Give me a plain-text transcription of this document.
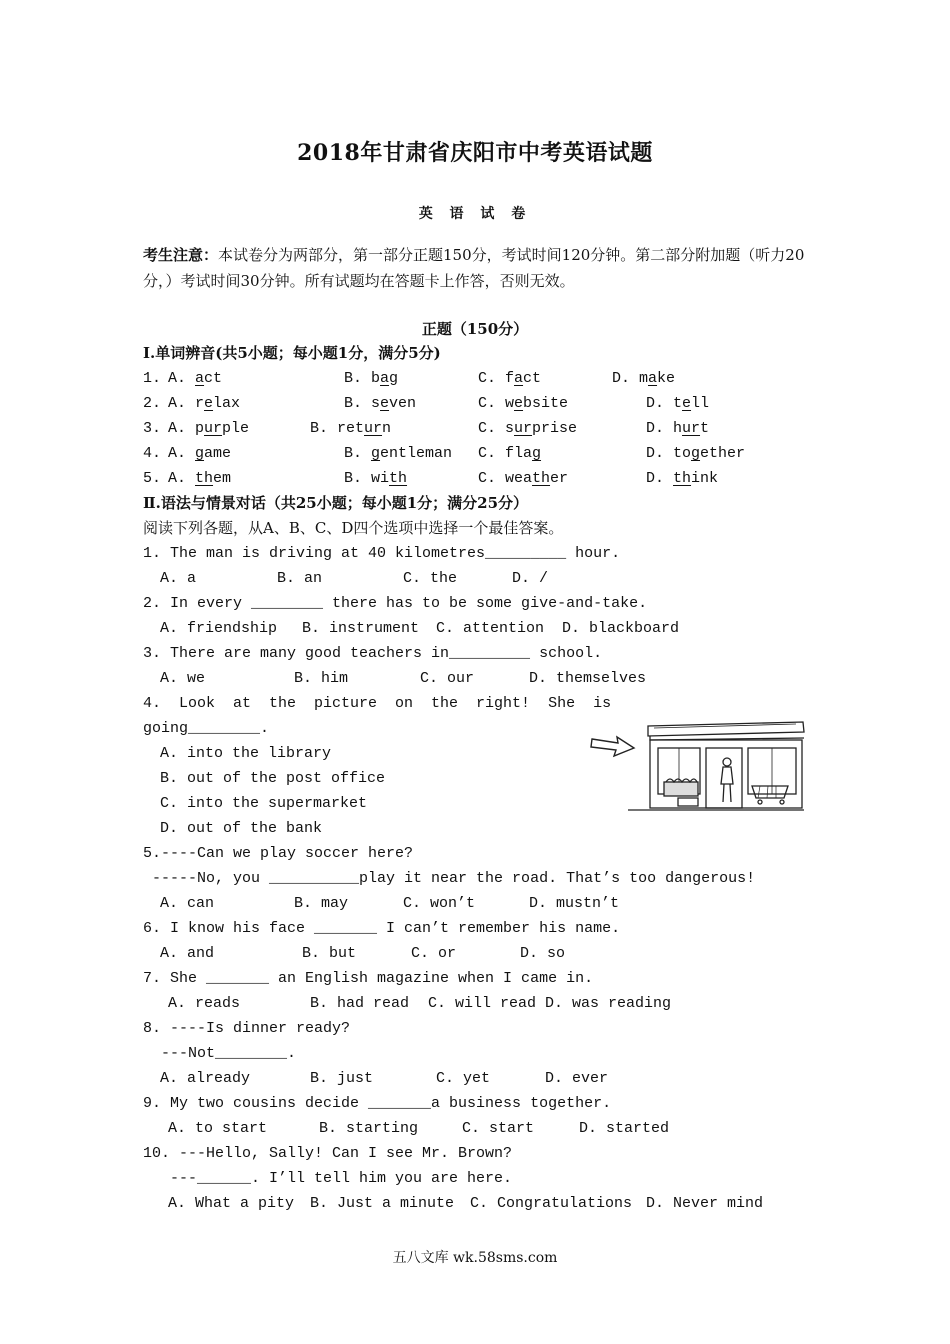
2018年甘肃省庆阳市中考英语试题
英 语 试 卷
考生注意：本试卷分为两部分，第一部分正题150分，考试时间120分钟。第二部分附加题（听力20分，）考试时间30分钟。所有试题均在答题卡上作答，否则无效。
正题（150分）
I.单词辨音(共5小题；每小题1分，满分5分)
1. A. act	B. bag	C. fact	D. make
2. A. relax	B. seven	C. website	D. tell
3. A. purple	B. return	C. surprise	D. hurt
4. A. game	B. gentleman C. flag	D. together
5. A. them	B. with	C. weather	D. think
Ⅱ.语法与情景对话（共25小题；每小题1分；满分25分）
阅读下列各题，从A、B、C、D四个选项中选择一个最佳答案。
1. The man is driving at 40 kilometres_________ hour.
A. a	B. an	C. the	D. /
2. In every ________ there has to be some give-and-take.
A. friendship B. instrument C. attention D. blackboard
3. There are many good teachers in_________ school.
A. we	B. him	C. our	D. themselves
4.  Look  at  the  picture  on  the  right!  She  is
going________.
A. into the library
B. out of the post office
C. into the supermarket
D. out of the bank
5.----Can we play soccer here?
-----No, you __________play it near the road. That’s too dangerous!
A. can	B. may	C. won’t	D. mustn’t
6. I know his face _______ I can’t remember his name.
A. and	B. but	C. or	D. so
7. She _______ an English magazine when I came in.
A. reads	B. had read C. will read D. was reading
8. ----Is dinner ready?
---Not________.
A. already	B. just	C. yet	D. ever
9. My two cousins decide _______a business together.
A. to start	B. starting	C. start	D. started
10. ---Hello, Sally! Can I see Mr. Brown?
---______. I’ll tell him you are here.
A. What a pity B. Just a minute C. Congratulations D. Never mind
五八文库 wk.58sms.com
